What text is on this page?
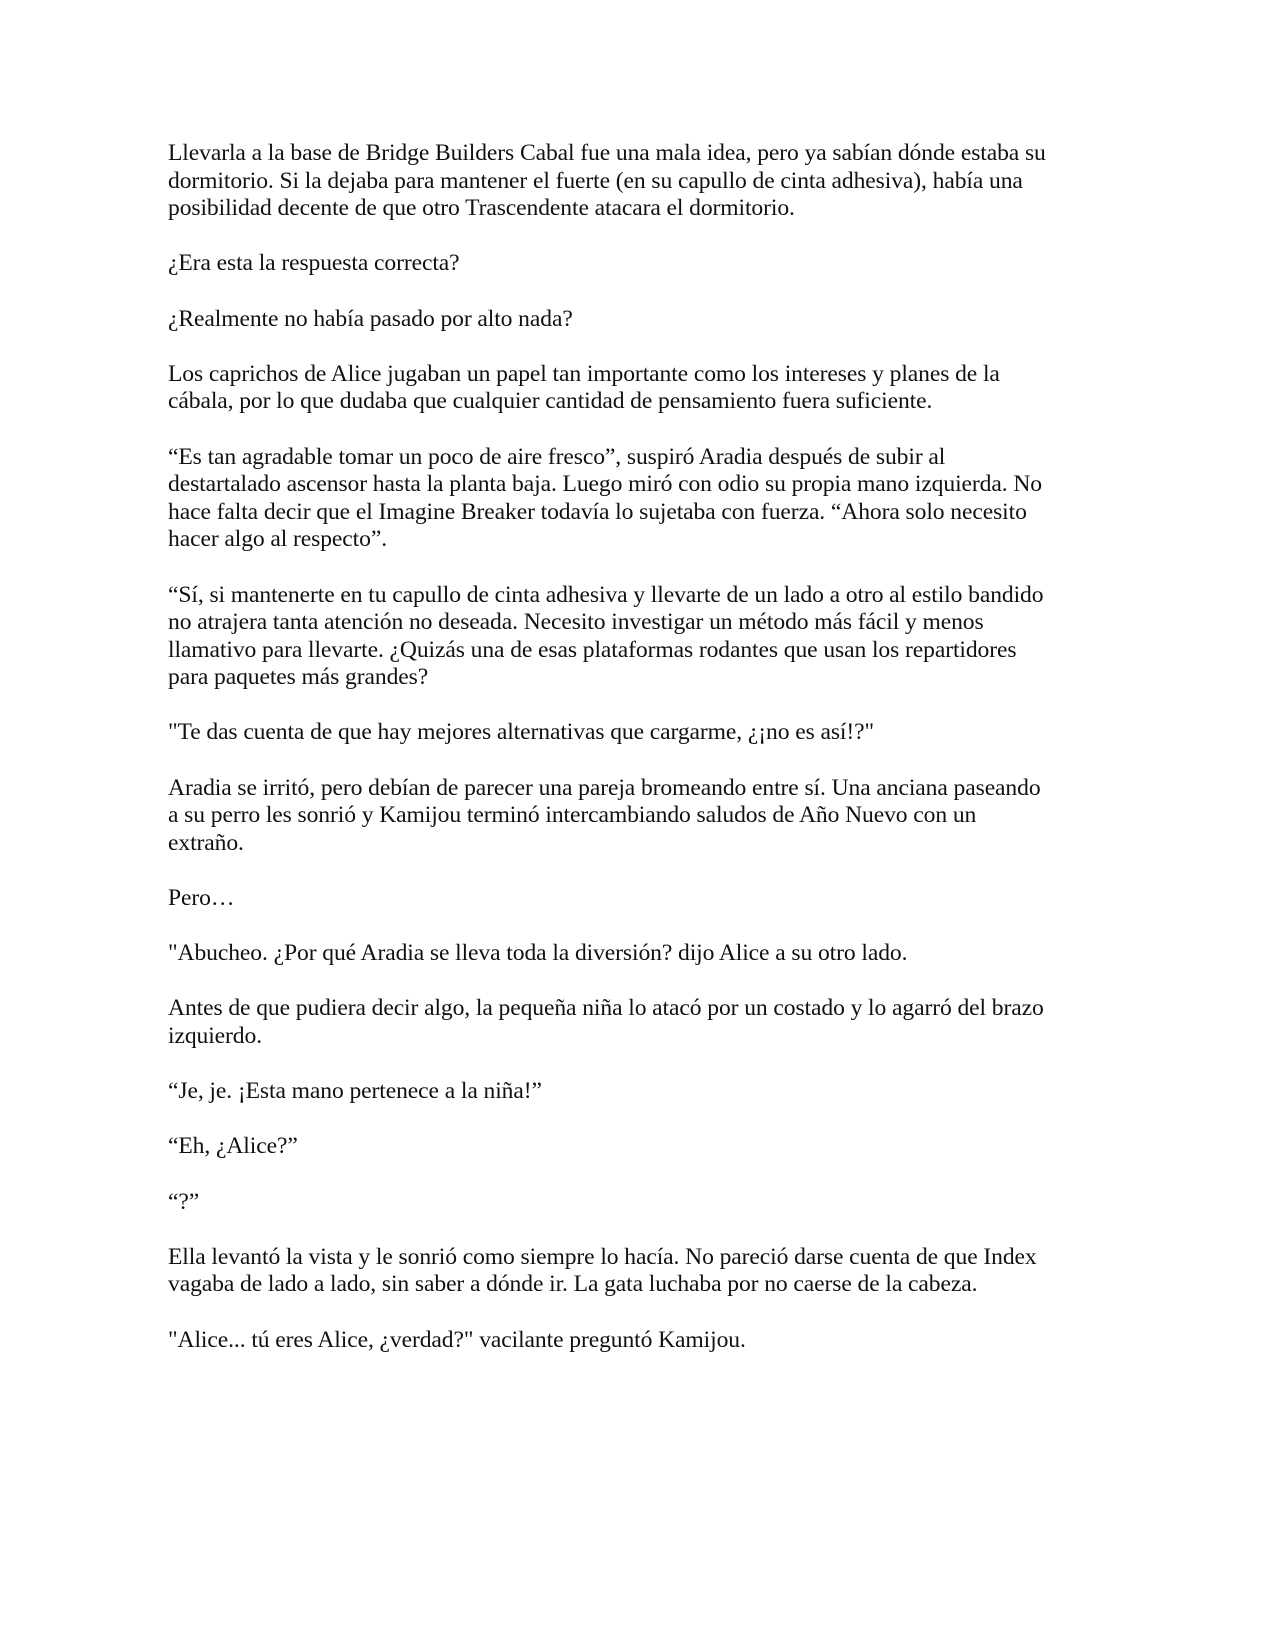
Llevarla a la base de Bridge Builders Cabal fue una mala idea, pero ya sabían dónde estaba su dormitorio. Si la dejaba para mantener el fuerte (en su capullo de cinta adhesiva), había una posibilidad decente de que otro Trascendente atacara el dormitorio.

¿Era esta la respuesta correcta?

¿Realmente no había pasado por alto nada?

Los caprichos de Alice jugaban un papel tan importante como los intereses y planes de la cábala, por lo que dudaba que cualquier cantidad de pensamiento fuera suficiente.

“Es tan agradable tomar un poco de aire fresco”, suspiró Aradia después de subir al destartalado ascensor hasta la planta baja. Luego miró con odio su propia mano izquierda. No hace falta decir que el Imagine Breaker todavía lo sujetaba con fuerza. “Ahora solo necesito hacer algo al respecto”.

“Sí, si mantenerte en tu capullo de cinta adhesiva y llevarte de un lado a otro al estilo bandido no atrajera tanta atención no deseada. Necesito investigar un método más fácil y menos llamativo para llevarte. ¿Quizás una de esas plataformas rodantes que usan los repartidores para paquetes más grandes?

"Te das cuenta de que hay mejores alternativas que cargarme, ¿¡no es así!?"

Aradia se irritó, pero debían de parecer una pareja bromeando entre sí. Una anciana paseando a su perro les sonrió y Kamijou terminó intercambiando saludos de Año Nuevo con un extraño.

Pero…

"Abucheo. ¿Por qué Aradia se lleva toda la diversión? dijo Alice a su otro lado.

Antes de que pudiera decir algo, la pequeña niña lo atacó por un costado y lo agarró del brazo izquierdo.

“Je, je. ¡Esta mano pertenece a la niña!”

“Eh, ¿Alice?”

“?”

Ella levantó la vista y le sonrió como siempre lo hacía. No pareció darse cuenta de que Index vagaba de lado a lado, sin saber a dónde ir. La gata luchaba por no caerse de la cabeza.

"Alice... tú eres Alice, ¿verdad?" vacilante preguntó Kamijou.
